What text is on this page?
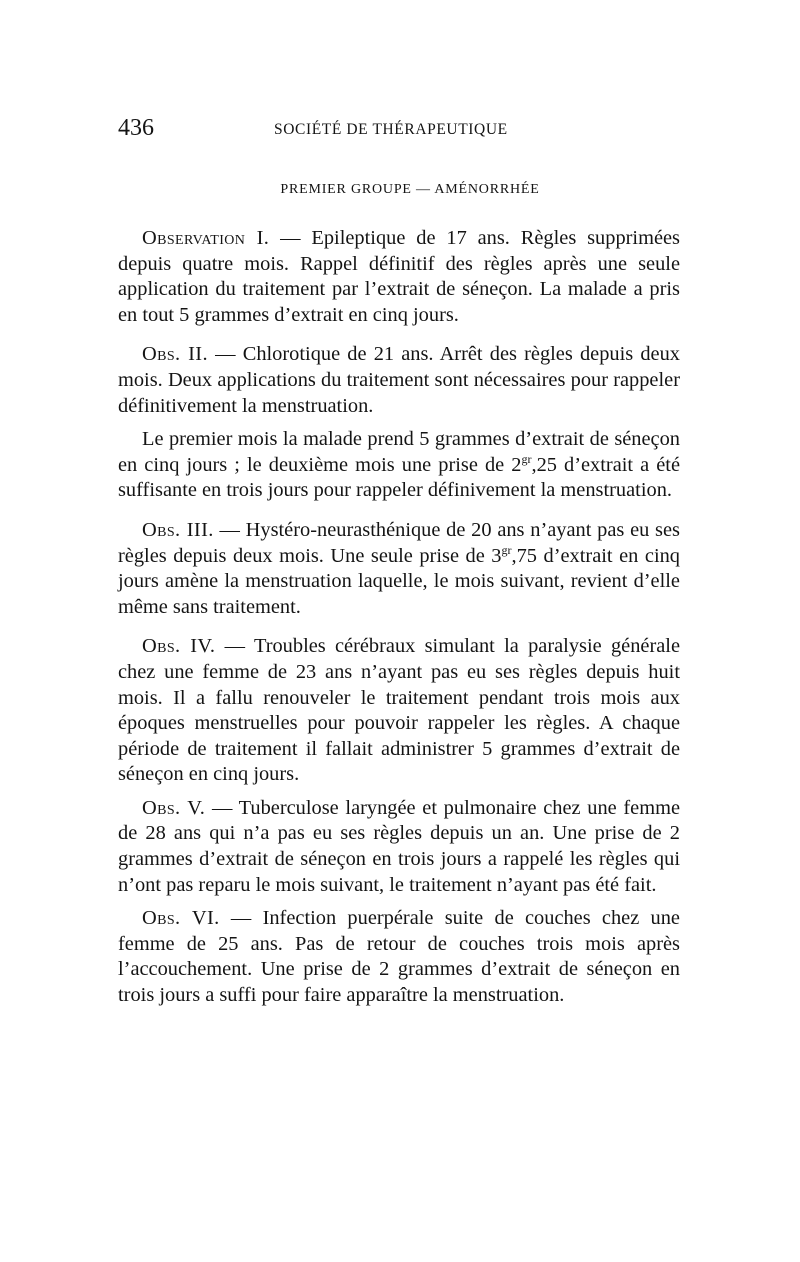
436	SOCIÉTÉ DE THÉRAPEUTIQUE
PREMIER GROUPE — AMÉNORRHÉE

Observation I. — Epileptique de 17 ans. Règles supprimées depuis quatre mois. Rappel définitif des règles après une seule application du traitement par l’extrait de séneçon. La malade a pris en tout 5 grammes d’extrait en cinq jours.

Obs. II. — Chlorotique de 21 ans. Arrêt des règles depuis deux mois. Deux applications du traitement sont nécessaires pour rappeler définitivement la menstruation.

Le premier mois la malade prend 5 grammes d’extrait de séneçon en cinq jours ; le deuxième mois une prise de $2^{gr},25$ d’extrait a été suffisante en trois jours pour rappeler définivement la menstruation.

Obs. III. — Hystéro-neurasthénique de 20 ans n’ayant pas eu ses règles depuis deux mois. Une seule prise de $3^{gr},75$ d’extrait en cinq jours amène la menstruation laquelle, le mois suivant, revient d’elle même sans traitement.

Obs. IV. — Troubles cérébraux simulant la paralysie générale chez une femme de 23 ans n’ayant pas eu ses règles depuis huit mois. Il a fallu renouveler le traitement pendant trois mois aux époques menstruelles pour pouvoir rappeler les règles. A chaque période de traitement il fallait administrer 5 grammes d’extrait de séneçon en cinq jours.

Obs. V. — Tuberculose laryngée et pulmonaire chez une femme de 28 ans qui n’a pas eu ses règles depuis un an. Une prise de 2 grammes d’extrait de séneçon en trois jours a rappelé les règles qui n’ont pas reparu le mois suivant, le traitement n’ayant pas été fait.

Obs. VI. — Infection puerpérale suite de couches chez une femme de 25 ans. Pas de retour de couches trois mois après l’accouchement. Une prise de 2 grammes d’extrait de séneçon en trois jours a suffi pour faire apparaître la menstruation.
